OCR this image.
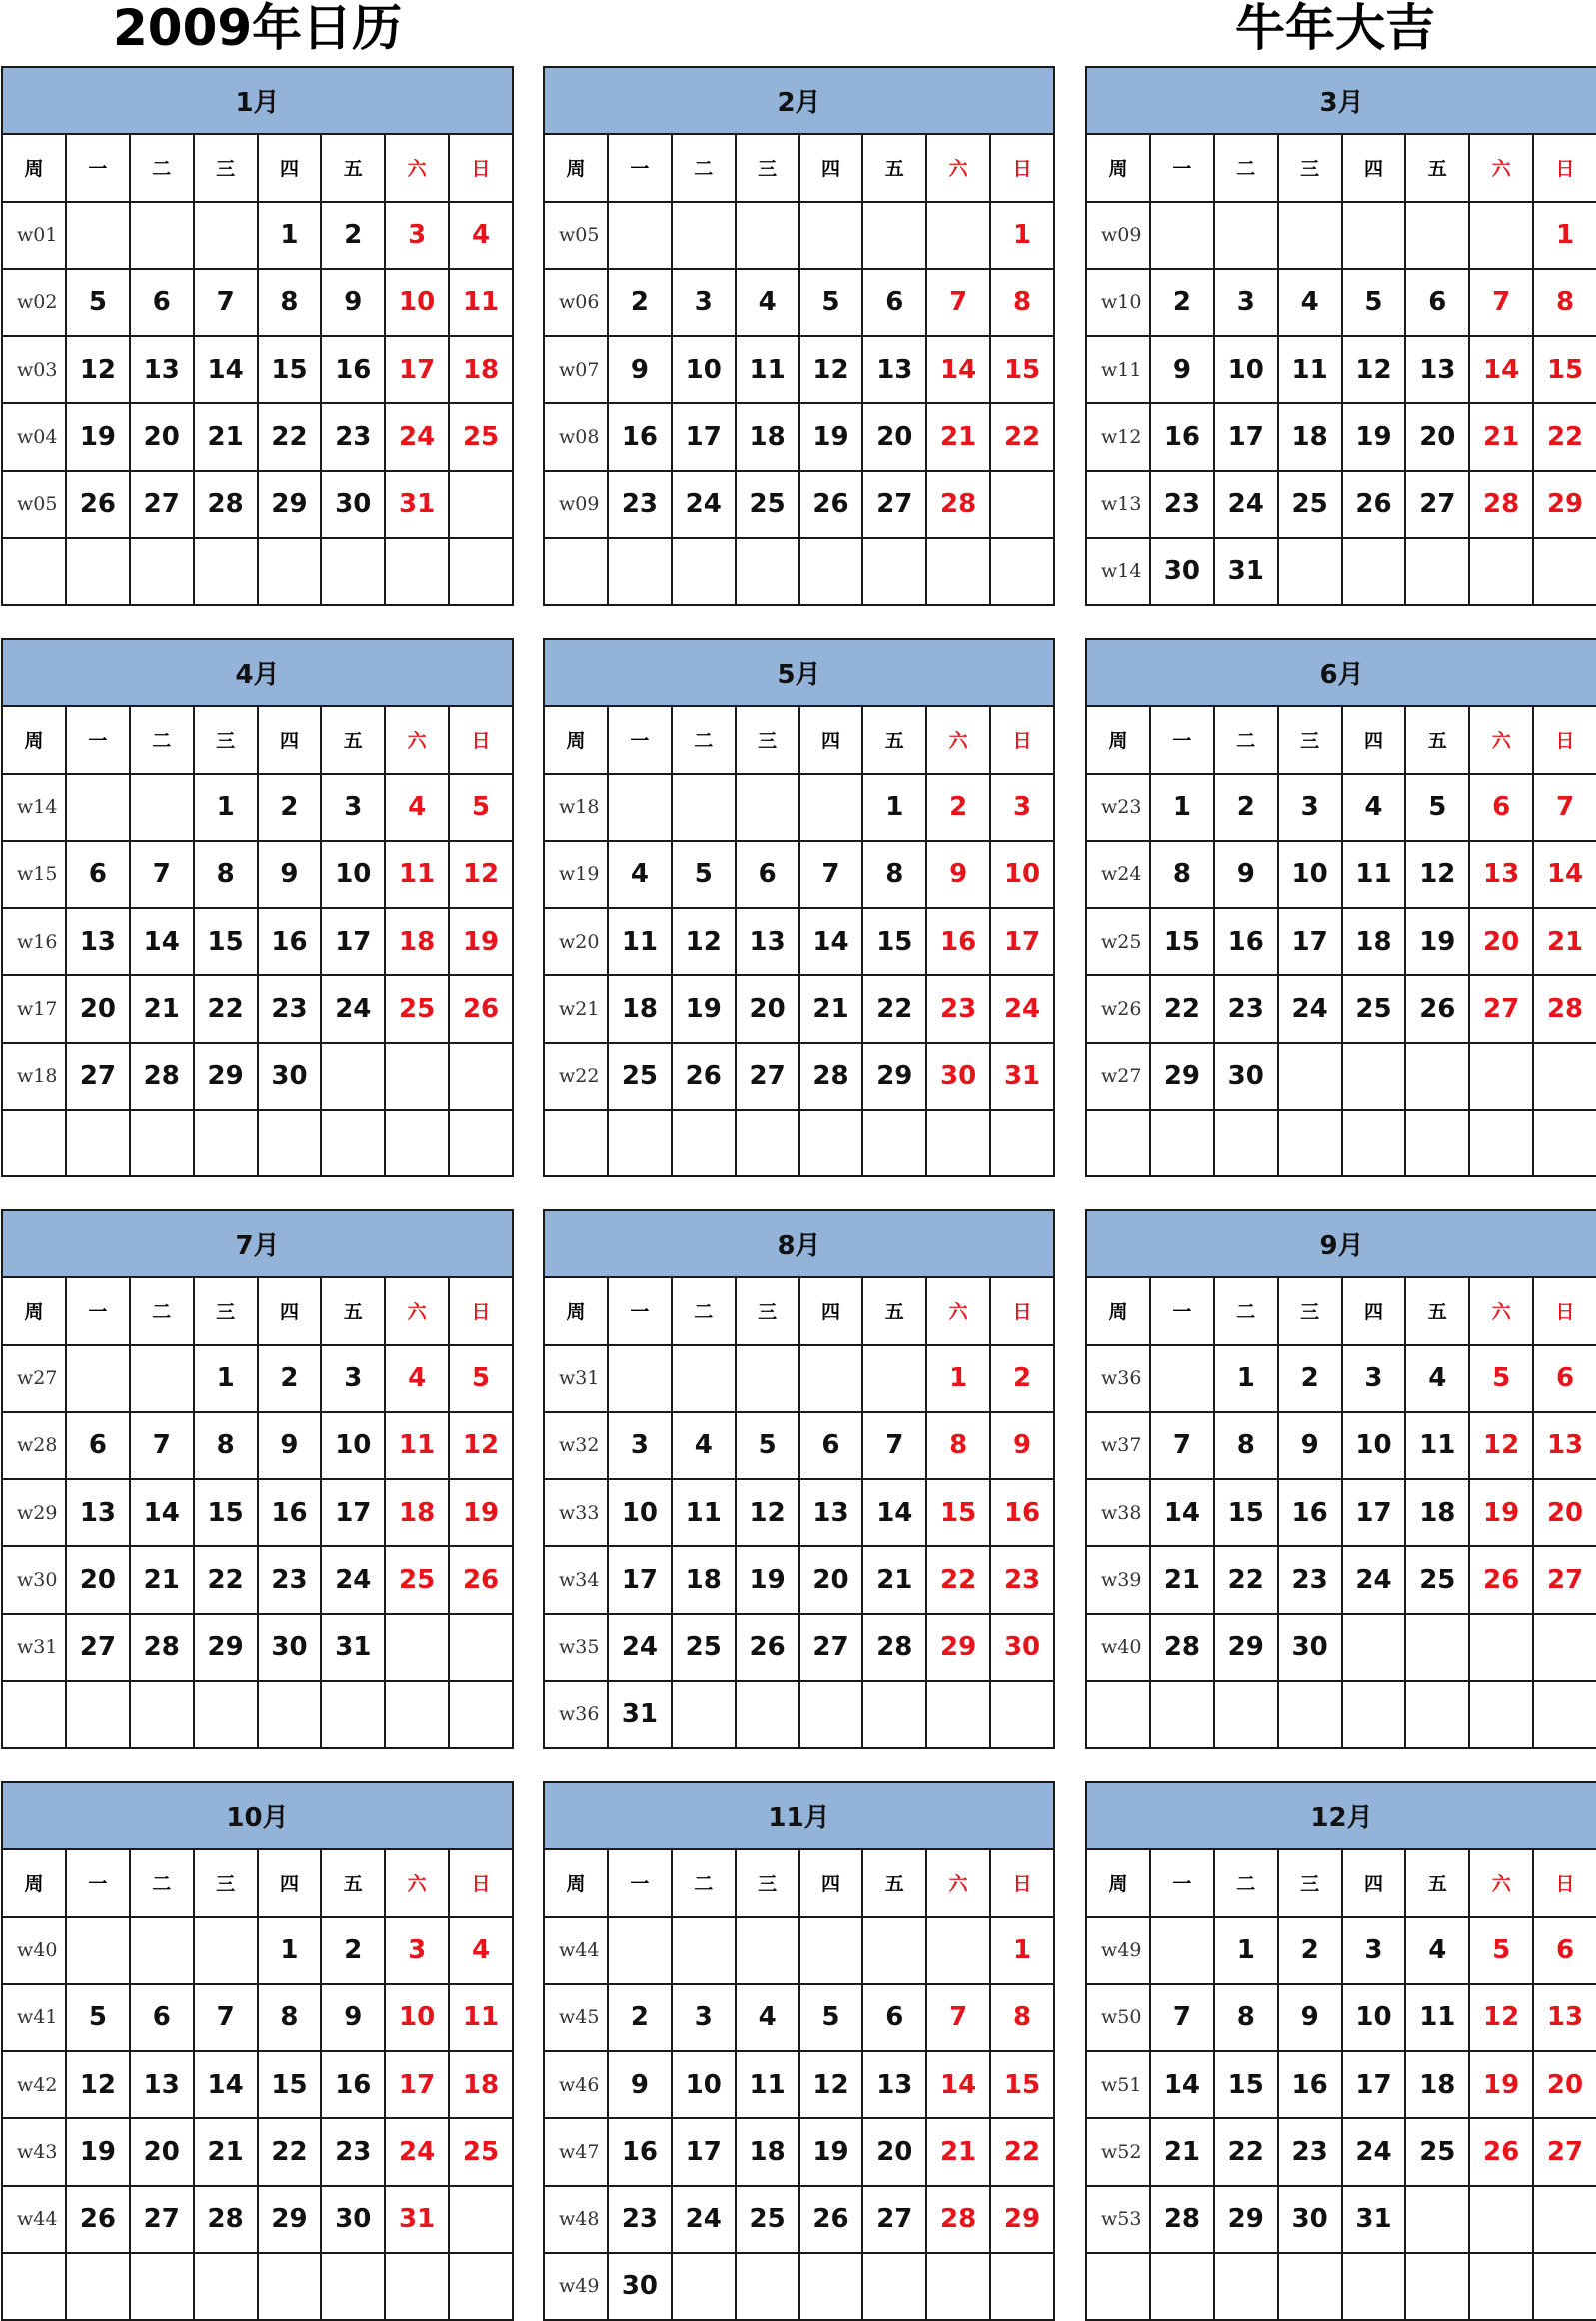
2009年日历	牛年大吉
1月							
周	一	二	三	四	五	六	日
w01				1	2	3	4
w02	5	6	7	8	9	10	11
w03	12	13	14	15	16	17	18
w04	19	20	21	22	23	24	25
w05	26	27	28	29	30	31	

2月							
周	一	二	三	四	五	六	日
w05							1
w06	2	3	4	5	6	7	8
w07	9	10	11	12	13	14	15
w08	16	17	18	19	20	21	22
w09	23	24	25	26	27	28	

3月							
周	一	二	三	四	五	六	日
w09							1
w10	2	3	4	5	6	7	8
w11	9	10	11	12	13	14	15
w12	16	17	18	19	20	21	22
w13	23	24	25	26	27	28	29
w14	30	31					
4月							
周	一	二	三	四	五	六	日
w14			1	2	3	4	5
w15	6	7	8	9	10	11	12
w16	13	14	15	16	17	18	19
w17	20	21	22	23	24	25	26
w18	27	28	29	30			

5月							
周	一	二	三	四	五	六	日
w18					1	2	3
w19	4	5	6	7	8	9	10
w20	11	12	13	14	15	16	17
w21	18	19	20	21	22	23	24
w22	25	26	27	28	29	30	31

6月							
周	一	二	三	四	五	六	日
w23	1	2	3	4	5	6	7
w24	8	9	10	11	12	13	14
w25	15	16	17	18	19	20	21
w26	22	23	24	25	26	27	28
w27	29	30					

7月							
周	一	二	三	四	五	六	日
w27			1	2	3	4	5
w28	6	7	8	9	10	11	12
w29	13	14	15	16	17	18	19
w30	20	21	22	23	24	25	26
w31	27	28	29	30	31		

8月							
周	一	二	三	四	五	六	日
w31						1	2
w32	3	4	5	6	7	8	9
w33	10	11	12	13	14	15	16
w34	17	18	19	20	21	22	23
w35	24	25	26	27	28	29	30
w36	31						
9月							
周	一	二	三	四	五	六	日
w36		1	2	3	4	5	6
w37	7	8	9	10	11	12	13
w38	14	15	16	17	18	19	20
w39	21	22	23	24	25	26	27
w40	28	29	30				

10月							
周	一	二	三	四	五	六	日
w40				1	2	3	4
w41	5	6	7	8	9	10	11
w42	12	13	14	15	16	17	18
w43	19	20	21	22	23	24	25
w44	26	27	28	29	30	31	

11月							
周	一	二	三	四	五	六	日
w44							1
w45	2	3	4	5	6	7	8
w46	9	10	11	12	13	14	15
w47	16	17	18	19	20	21	22
w48	23	24	25	26	27	28	29
w49	30						
12月							
周	一	二	三	四	五	六	日
w49		1	2	3	4	5	6
w50	7	8	9	10	11	12	13
w51	14	15	16	17	18	19	20
w52	21	22	23	24	25	26	27
w53	28	29	30	31			
